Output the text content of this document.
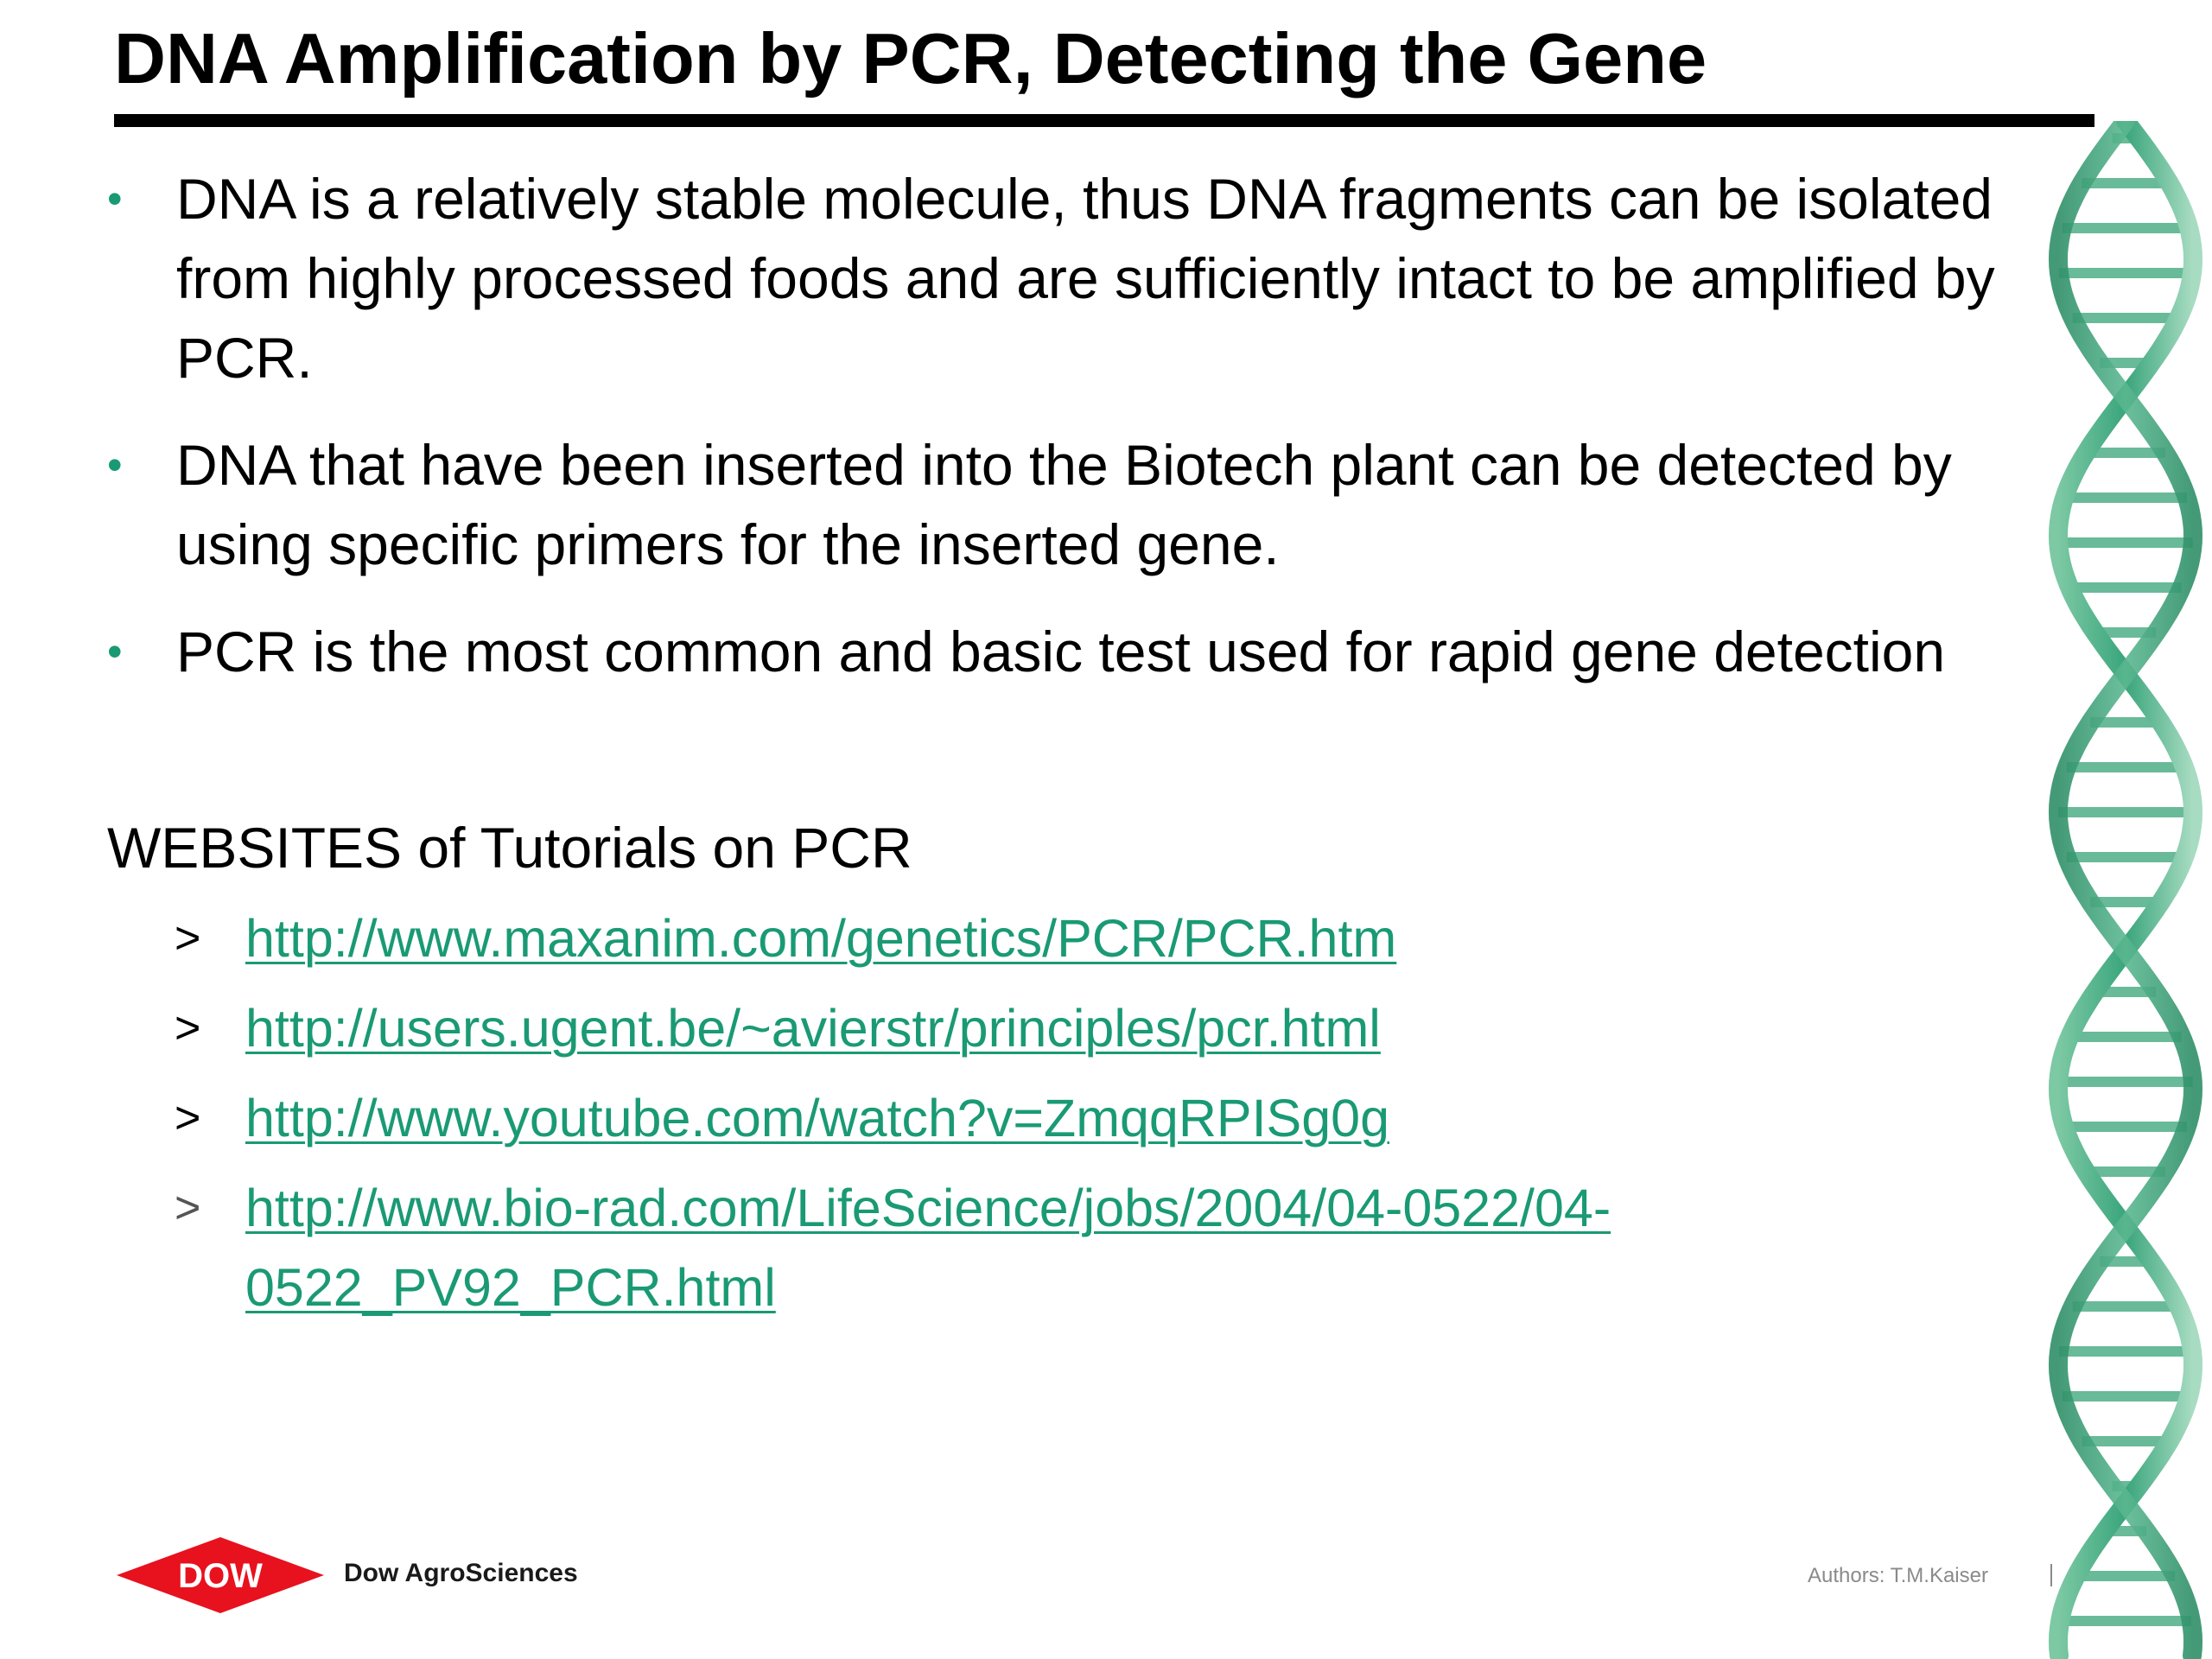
DNA Amplification by PCR, Detecting the Gene
• DNA is a relatively stable molecule, thus DNA fragments can be isolated from highly processed foods and are sufficiently intact to be amplified by PCR.
• DNA that have been inserted into the Biotech plant can be detected by using specific primers for the inserted gene.
• PCR is the most common and basic test used for rapid gene detection

WEBSITES of Tutorials on PCR

> http://www.maxanim.com/genetics/PCR/PCR.htm
> http://users.ugent.be/~avierstr/principles/pcr.html
> http://www.youtube.com/watch?v=ZmqqRPISg0g
> http://www.bio-rad.com/LifeScience/jobs/2004/04-0522/04-0522_PV92_PCR.html
DOW	Dow AgroSciences	Authors: T.M.Kaiser
